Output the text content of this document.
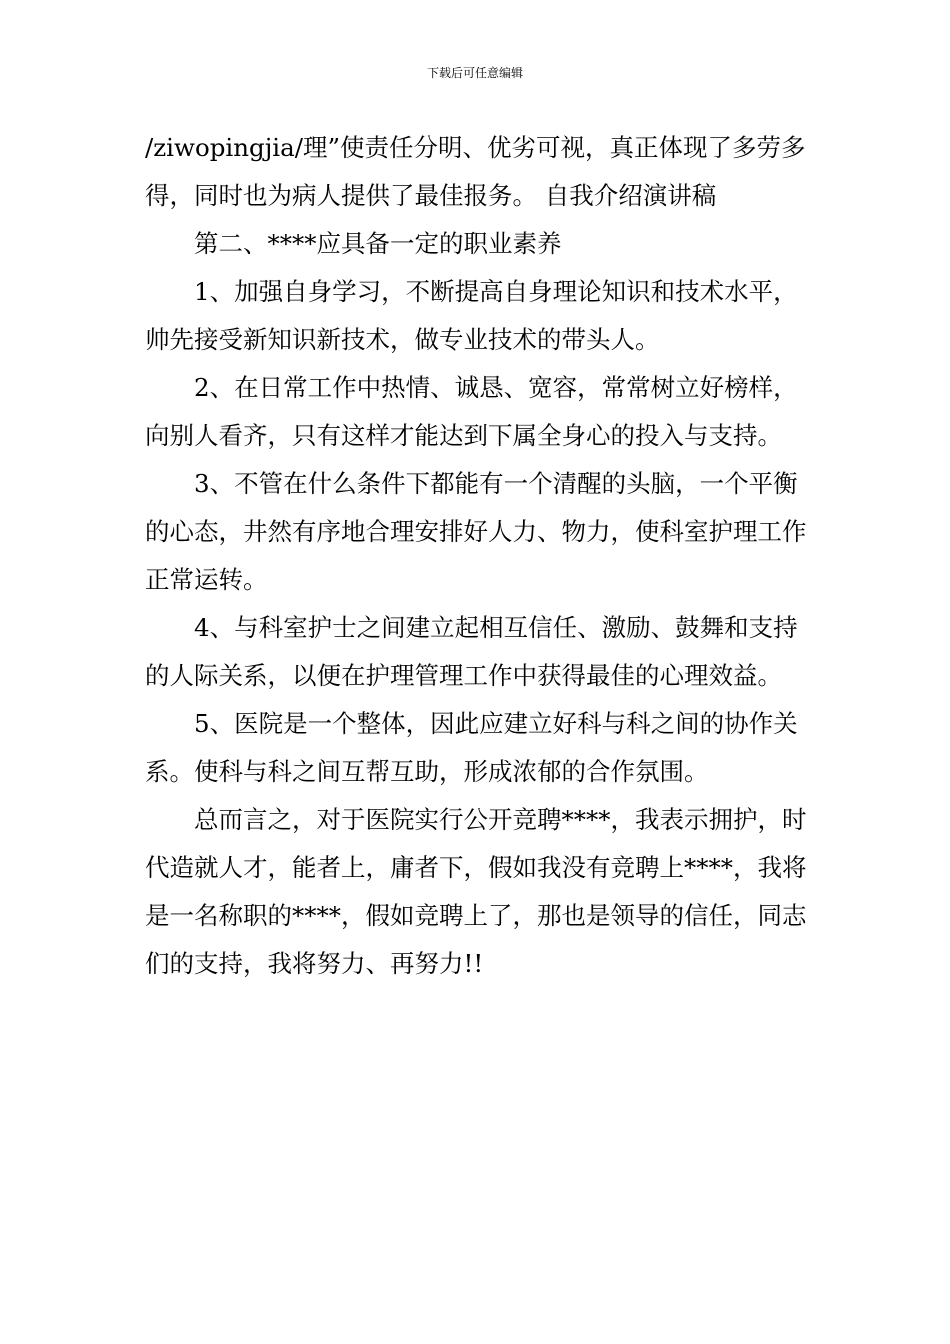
下载后可任意编辑

/ziwopingjia/理”使责任分明、优劣可视，真正体现了多劳多得，同时也为病人提供了最佳报务。 自我介绍演讲稿

第二、****应具备一定的职业素养

1、加强自身学习，不断提高自身理论知识和技术水平，帅先接受新知识新技术，做专业技术的带头人。

2、在日常工作中热情、诚恳、宽容，常常树立好榜样，向别人看齐，只有这样才能达到下属全身心的投入与支持。

3、不管在什么条件下都能有一个清醒的头脑，一个平衡的心态，井然有序地合理安排好人力、物力，使科室护理工作正常运转。

4、与科室护士之间建立起相互信任、激励、鼓舞和支持的人际关系，以便在护理管理工作中获得最佳的心理效益。

5、医院是一个整体，因此应建立好科与科之间的协作关系。使科与科之间互帮互助，形成浓郁的合作氛围。

总而言之，对于医院实行公开竞聘****，我表示拥护，时代造就人才，能者上，庸者下，假如我没有竞聘上****，我将是一名称职的****，假如竞聘上了，那也是领导的信任，同志们的支持，我将努力、再努力!!
